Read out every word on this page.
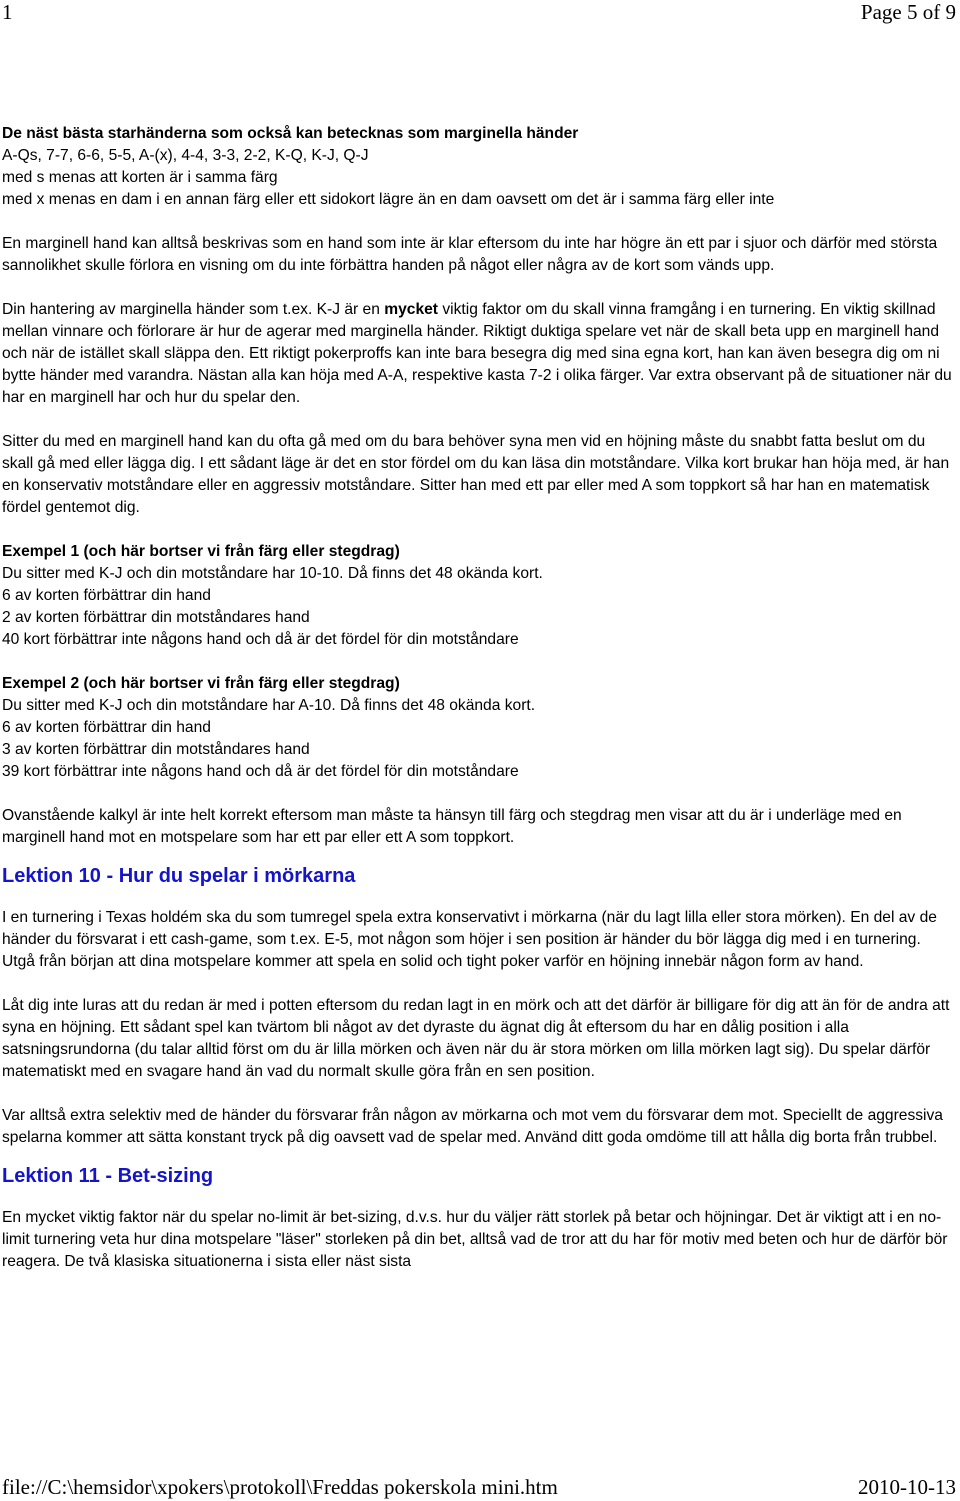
1	Page 5 of 9

De näst bästa starhänderna som också kan betecknas som marginella händer

A-Qs, 7-7, 6-6, 5-5, A-(x), 4-4, 3-3, 2-2, K-Q, K-J, Q-J

med s menas att korten är i samma färg

med x menas en dam i en annan färg eller ett sidokort lägre än en dam oavsett om det är i samma färg eller inte

En marginell hand kan alltså beskrivas som en hand som inte är klar eftersom du inte har högre än ett par i sjuor och därför med största sannolikhet skulle förlora en visning om du inte förbättra handen på något eller några av de kort som vänds upp.

Din hantering av marginella händer som t.ex. K-J är en mycket viktig faktor om du skall vinna framgång i en turnering. En viktig skillnad mellan vinnare och förlorare är hur de agerar med marginella händer. Riktigt duktiga spelare vet när de skall beta upp en marginell hand och när de istället skall släppa den. Ett riktigt pokerproffs kan inte bara besegra dig med sina egna kort, han kan även besegra dig om ni bytte händer med varandra. Nästan alla kan höja med A-A, respektive kasta 7-2 i olika färger. Var extra observant på de situationer när du har en marginell har och hur du spelar den.

Sitter du med en marginell hand kan du ofta gå med om du bara behöver syna men vid en höjning måste du snabbt fatta beslut om du skall gå med eller lägga dig. I ett sådant läge är det en stor fördel om du kan läsa din motståndare. Vilka kort brukar han höja med, är han en konservativ motståndare eller en aggressiv motståndare. Sitter han med ett par eller med A som toppkort så har han en matematisk fördel gentemot dig.

Exempel 1 (och här bortser vi från färg eller stegdrag)

Du sitter med K-J och din motståndare har 10-10. Då finns det 48 okända kort.

6 av korten förbättrar din hand

2 av korten förbättrar din motståndares hand

40 kort förbättrar inte någons hand och då är det fördel för din motståndare

Exempel 2 (och här bortser vi från färg eller stegdrag)

Du sitter med K-J och din motståndare har A-10. Då finns det 48 okända kort.

6 av korten förbättrar din hand

3 av korten förbättrar din motståndares hand

39 kort förbättrar inte någons hand och då är det fördel för din motståndare

Ovanstående kalkyl är inte helt korrekt eftersom man måste ta hänsyn till färg och stegdrag men visar att du är i underläge med en marginell hand mot en motspelare som har ett par eller ett A som toppkort.

Lektion 10 - Hur du spelar i mörkarna

I en turnering i Texas holdém ska du som tumregel spela extra konservativt i mörkarna (när du lagt lilla eller stora mörken). En del av de händer du försvarat i ett cash-game, som t.ex. E-5, mot någon som höjer i sen position är händer du bör lägga dig med i en turnering. Utgå från början att dina motspelare kommer att spela en solid och tight poker varför en höjning innebär någon form av hand.

Låt dig inte luras att du redan är med i potten eftersom du redan lagt in en mörk och att det därför är billigare för dig att än för de andra att syna en höjning. Ett sådant spel kan tvärtom bli något av det dyraste du ägnat dig åt eftersom du har en dålig position i alla satsningsrundorna (du talar alltid först om du är lilla mörken och även när du är stora mörken om lilla mörken lagt sig). Du spelar därför matematiskt med en svagare hand än vad du normalt skulle göra från en sen position.

Var alltså extra selektiv med de händer du försvarar från någon av mörkarna och mot vem du försvarar dem mot. Speciellt de aggressiva spelarna kommer att sätta konstant tryck på dig oavsett vad de spelar med. Använd ditt goda omdöme till att hålla dig borta från trubbel.

Lektion 11 - Bet-sizing

En mycket viktig faktor när du spelar no-limit är bet-sizing, d.v.s. hur du väljer rätt storlek på betar och höjningar. Det är viktigt att i en no-limit turnering veta hur dina motspelare "läser" storleken på din bet, alltså vad de tror att du har för motiv med beten och hur de därför bör reagera. De två klasiska situationerna i sista eller näst sista

file://C:\hemsidor\xpokers\protokoll\Freddas pokerskola mini.htm	2010-10-13
